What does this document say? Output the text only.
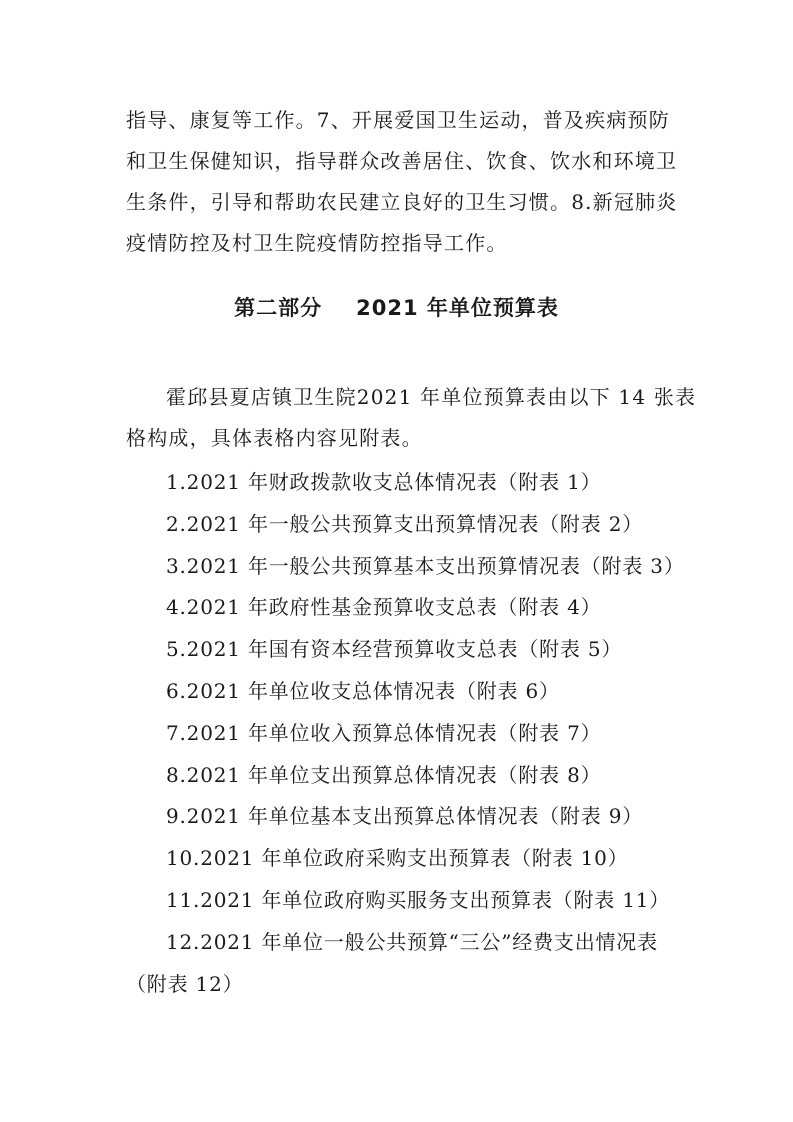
指导、康复等工作。7、开展爱国卫生运动，普及疾病预防
和卫生保健知识，指导群众改善居住、饮食、饮水和环境卫
生条件，引导和帮助农民建立良好的卫生习惯。8.新冠肺炎
疫情防控及村卫生院疫情防控指导工作。

第二部分 2021 年单位预算表

霍邱县夏店镇卫生院2021 年单位预算表由以下 14 张表
格构成，具体表格内容见附表。

1.2021 年财政拨款收支总体情况表（附表 1）
2.2021 年一般公共预算支出预算情况表（附表 2）
3.2021 年一般公共预算基本支出预算情况表（附表 3）
4.2021 年政府性基金预算收支总表（附表 4）
5.2021 年国有资本经营预算收支总表（附表 5）
6.2021 年单位收支总体情况表（附表 6）
7.2021 年单位收入预算总体情况表（附表 7）
8.2021 年单位支出预算总体情况表（附表 8）
9.2021 年单位基本支出预算总体情况表（附表 9）
10.2021 年单位政府采购支出预算表（附表 10）
11.2021 年单位政府购买服务支出预算表（附表 11）
12.2021 年单位一般公共预算“三公”经费支出情况表
（附表 12）
